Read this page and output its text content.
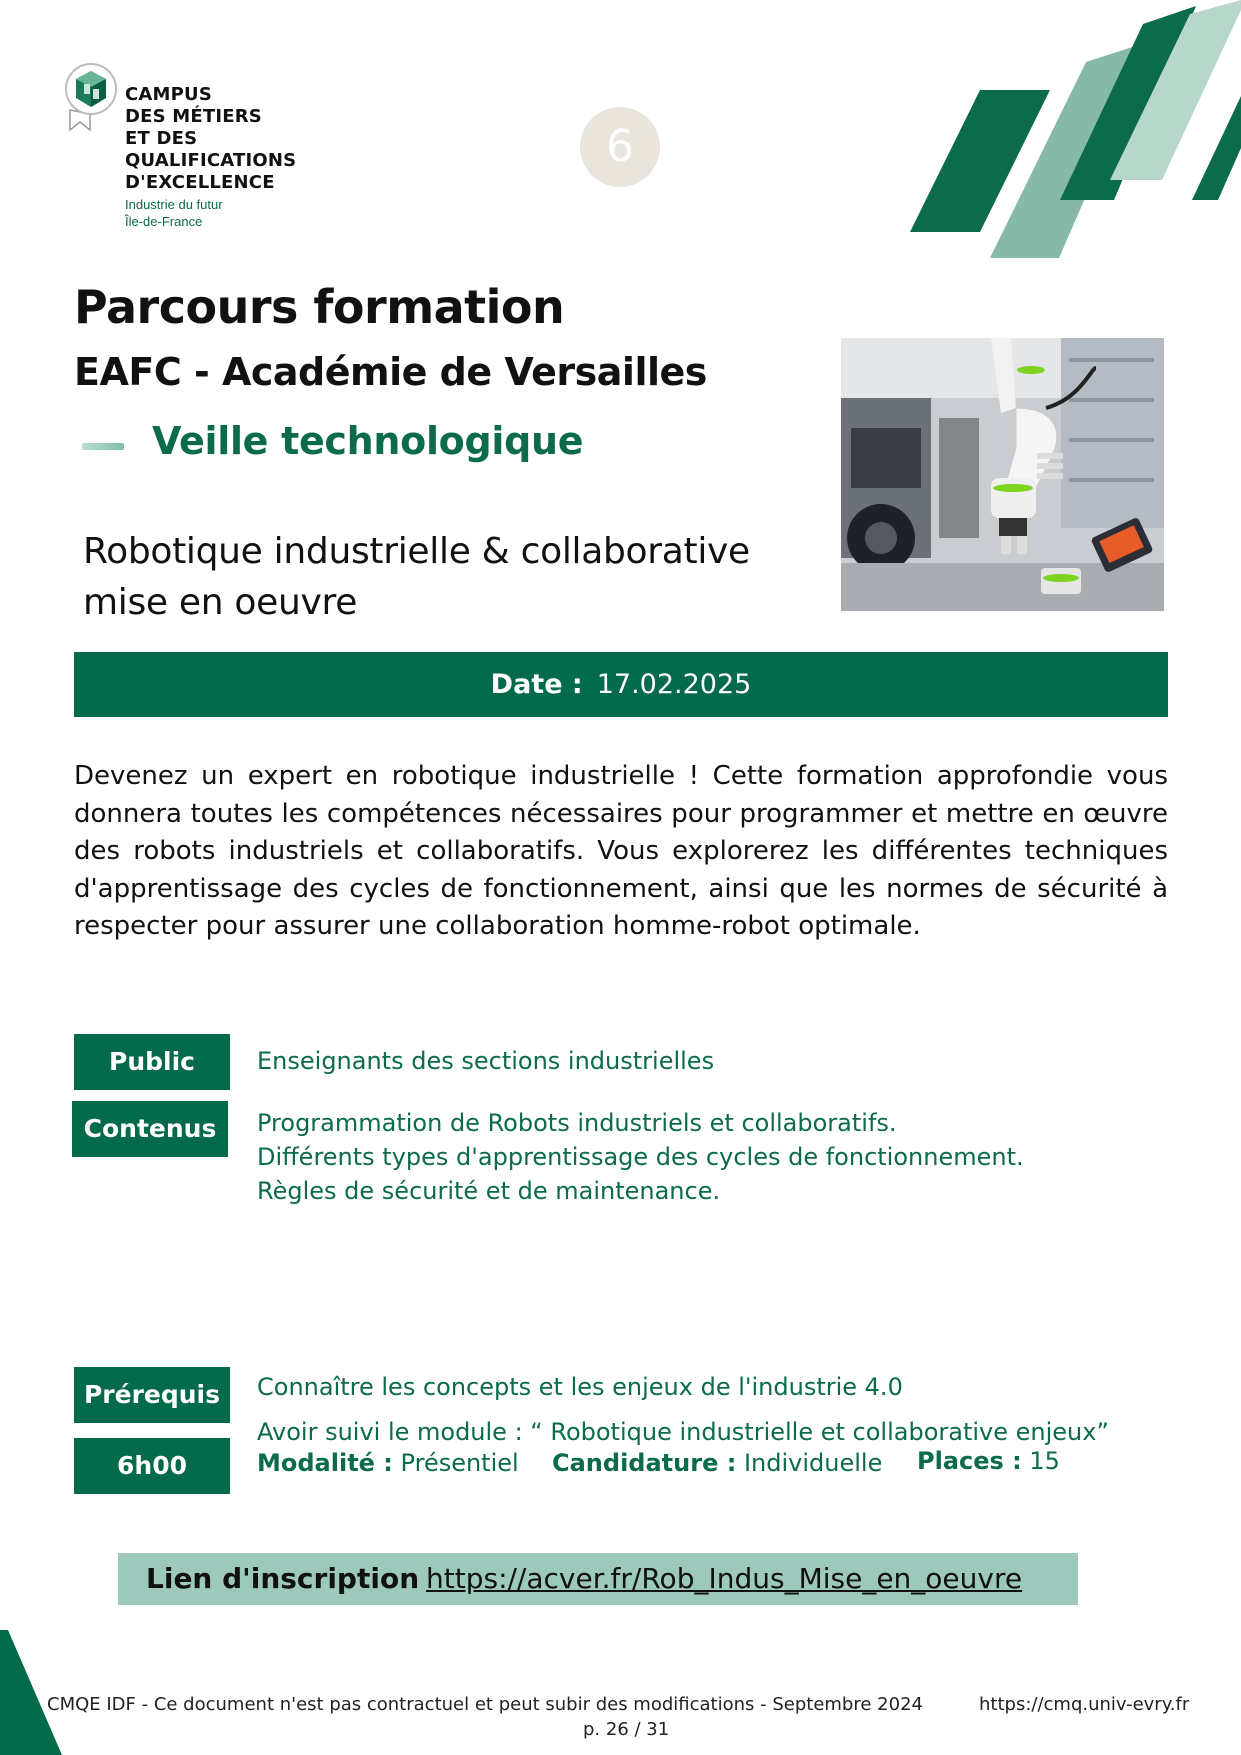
CAMPUS
DES MÉTIERS
ET DES
QUALIFICATIONS
D'EXCELLENCE
Industrie du futur
Île-de-France
6
Parcours formation
EAFC - Académie de Versailles
Veille technologique
Robotique industrielle & collaborative
mise en oeuvre
Date : 17.02.2025

Devenez un expert en robotique industrielle ! Cette formation approfondie vous donnera toutes les compétences nécessaires pour programmer et mettre en œuvre des robots industriels et collaboratifs. Vous explorerez les différentes techniques d'apprentissage des cycles de fonctionnement, ainsi que les normes de sécurité à respecter pour assurer une collaboration homme-robot optimale.

Public	Enseignants des sections industrielles
Contenus	Programmation de Robots industriels et collaboratifs.
Différents types d'apprentissage des cycles de fonctionnement.
Règles de sécurité et de maintenance.
Prérequis	Connaître les concepts et les enjeux de l'industrie 4.0
Avoir suivi le module : “ Robotique industrielle et collaborative enjeux”
6h00	Modalité : Présentiel Candidature : Individuelle Places : 15
Lien d'inscription https://acver.fr/Rob_Indus_Mise_en_oeuvre
CMQE IDF - Ce document n'est pas contractuel et peut subir des modifications - Septembre 2024	https://cmq.univ-evry.fr
p. 26 / 31
